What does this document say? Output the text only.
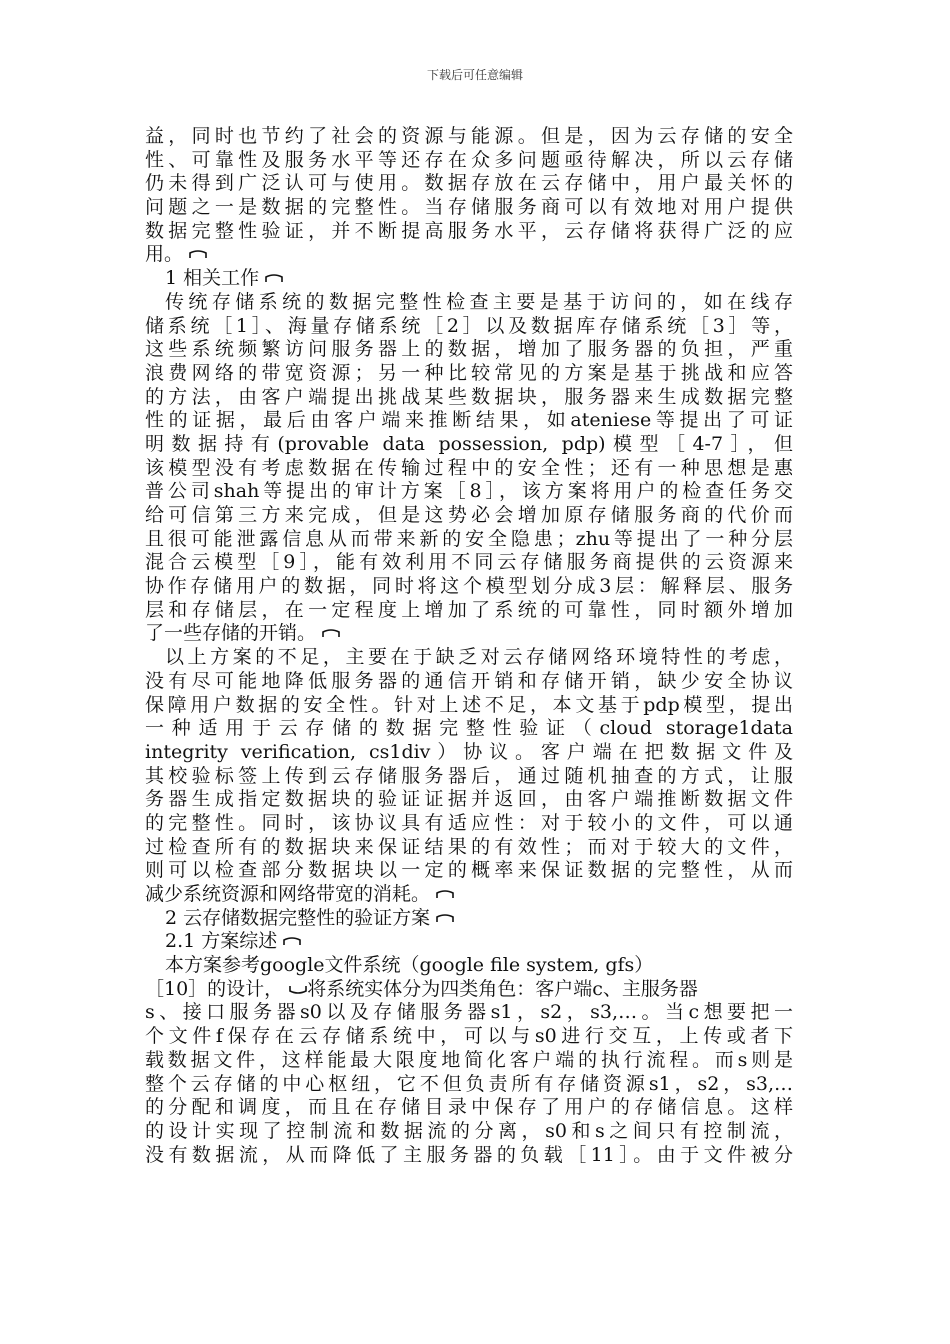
下载后可任意编辑
益，同时也节约了社会的资源与能源。但是，因为云存储的安全
性、可靠性及服务水平等还存在众多问题亟待解决，所以云存储
仍未得到广泛认可与使用。数据存放在云存储中，用户最关怀的
问题之一是数据的完整性。当存储服务商可以有效地对用户提供
数据完整性验证，并不断提高服务水平，云存储将获得广泛的应
用。
1 相关工作
传统存储系统的数据完整性检查主要是基于访问的，如在线存
储系统［1］、海量存储系统［2］以及数据库存储系统［3］等，
这些系统频繁访问服务器上的数据，增加了服务器的负担，严重
浪费网络的带宽资源；另一种比较常见的方案是基于挑战和应答
的方法，由客户端提出挑战某些数据块，服务器来生成数据完整
性的证据，最后由客户端来推断结果，如ateniese等提出了可证
明数据持有(provable data possession, pdp)模型［4-7］，但
该模型没有考虑数据在传输过程中的安全性；还有一种思想是惠
普公司shah等提出的审计方案［8］，该方案将用户的检查任务交
给可信第三方来完成，但是这势必会增加原存储服务商的代价而
且很可能泄露信息从而带来新的安全隐患；zhu等提出了一种分层
混合云模型［9］，能有效利用不同云存储服务商提供的云资源来
协作存储用户的数据，同时将这个模型划分成3层：解释层、服务
层和存储层，在一定程度上增加了系统的可靠性，同时额外增加
了一些存储的开销。
以上方案的不足，主要在于缺乏对云存储网络环境特性的考虑，
没有尽可能地降低服务器的通信开销和存储开销，缺少安全协议
保障用户数据的安全性。针对上述不足，本文基于pdp模型，提出
一种适用于云存储的数据完整性验证（cloud storage1data
integrity verification, cs1div）协议。客户端在把数据文件及
其校验标签上传到云存储服务器后，通过随机抽查的方式，让服
务器生成指定数据块的验证证据并返回，由客户端推断数据文件
的完整性。同时，该协议具有适应性：对于较小的文件，可以通
过检查所有的数据块来保证结果的有效性；而对于较大的文件，
则可以检查部分数据块以一定的概率来保证数据的完整性，从而
减少系统资源和网络带宽的消耗。
2 云存储数据完整性的验证方案
2.1 方案综述
本方案参考google文件系统（google file system, gfs）
［10］的设计， 将系统实体分为四类角色：客户端c、主服务器
s、接口服务器s0以及存储服务器s1，s2，s3,…。当c想要把一
个文件f保存在云存储系统中，可以与s0进行交互，上传或者下
载数据文件，这样能最大限度地简化客户端的执行流程。而s则是
整个云存储的中心枢纽，它不但负责所有存储资源s1，s2，s3,…
的分配和调度，而且在存储目录中保存了用户的存储信息。这样
的设计实现了控制流和数据流的分离，s0和s之间只有控制流，
没有数据流，从而降低了主服务器的负载［11］。由于文件被分
